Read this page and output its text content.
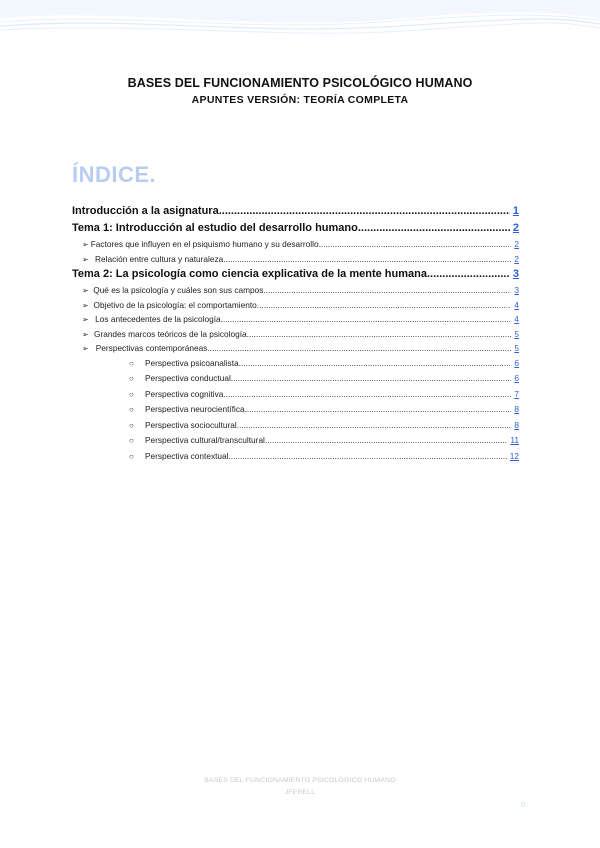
BASES DEL FUNCIONAMIENTO PSICOLÓGICO HUMANO
APUNTES VERSIÓN: TEORÍA COMPLETA
ÍNDICE.
Introducción a la asignatura .....	1
Tema 1: Introducción al estudio del desarrollo humano .....	2
➢ Factores que influyen en el psiquismo humano y su desarrollo .....	2
➢ Relación entre cultura y naturaleza .....	2
Tema 2: La psicología como ciencia explicativa de la mente humana .....	3
➢ Qué es la psicología y cuáles son sus campos .....	3
➢ Objetivo de la psicología: el comportamiento .....	4
➢ Los antecedentes de la psicología .....	4
➢ Grandes marcos teóricos de la psicología .....	5
➢ Perspectivas contemporáneas .....	5
○	Perspectiva psicoanalista .....	6
○	Perspectiva conductual .....	6
○	Perspectiva cognitiva .....	7
○	Perspectiva neurocientífica .....	8
○	Perspectiva sociocultural .....	8
○	Perspectiva cultural/transcultural .....	11
○	Perspectiva contextual .....	12
BASES DEL FUNCIONAMIENTO PSICOLÓGICO HUMANO
JFERELL
0
